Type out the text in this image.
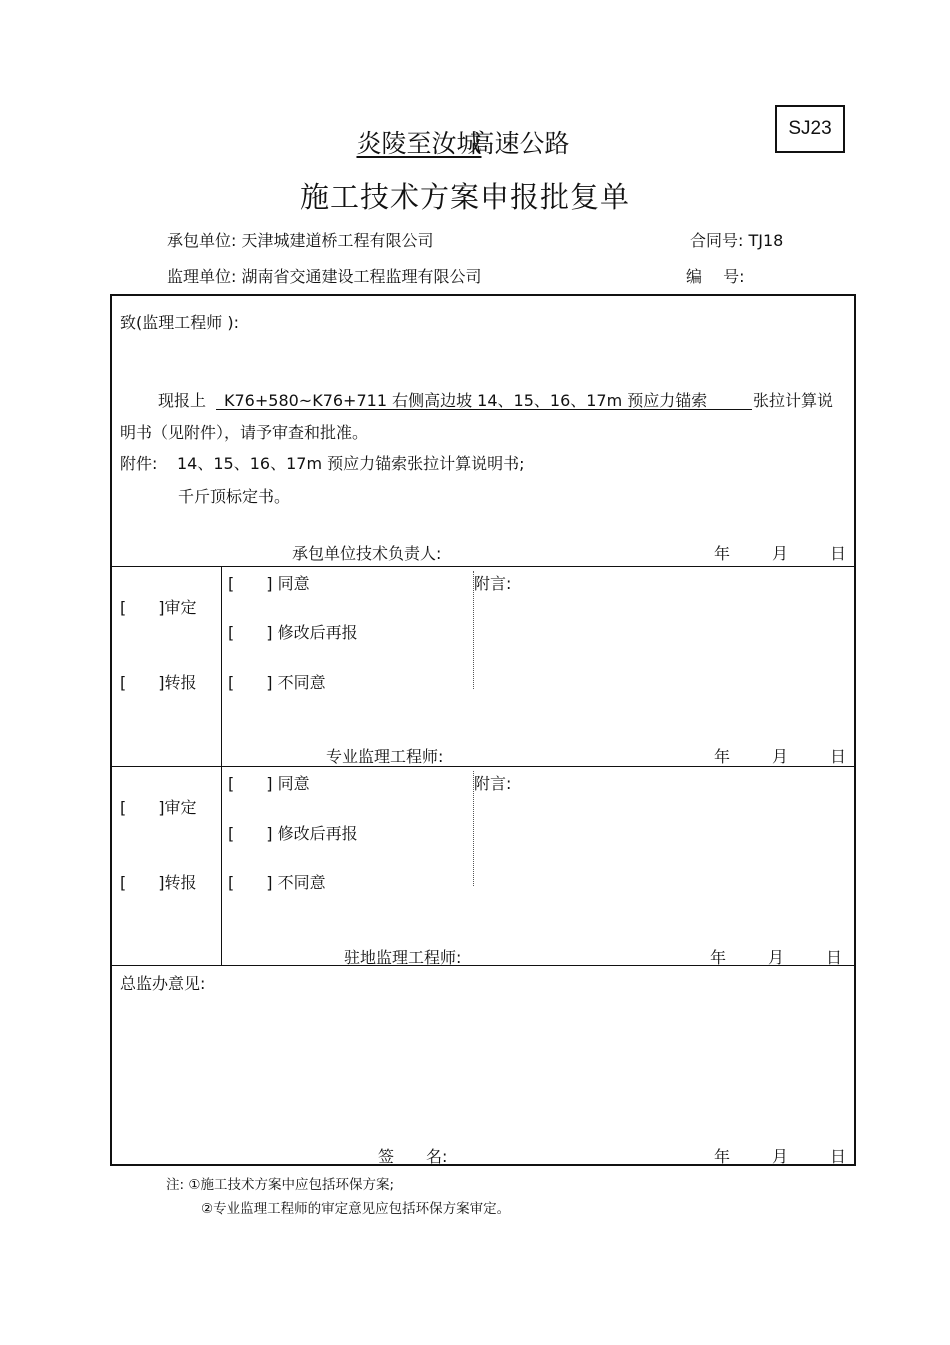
SJ23
炎陵至汝城高速公路
施工技术方案申报批复单
承包单位: 天津城建道桥工程有限公司	合同号: TJ18
监理单位: 湖南省交通建设工程监理有限公司	编　 号:
致(监理工程师 ):
现报上 K76+580~K76+711 右侧高边坡 14、15、16、17m 预应力锚索	张拉计算说
明书（见附件），请予审查和批准。
附件: 14、15、16、17m 预应力锚索张拉计算说明书;
千斤顶标定书。
承包单位技术负责人:	年	月	日
[　　]审定
[　　]转报
[　　] 同意
[　　] 修改后再报
[　　] 不同意
附言:
专业监理工程师:	年	月	日
[　　]审定
[　　]转报
[　　] 同意
[　　] 修改后再报
[　　] 不同意
附言:
驻地监理工程师:	年	月	日
总监办意见:
签　　名:	年	月	日
注: ①施工技术方案中应包括环保方案;
②专业监理工程师的审定意见应包括环保方案审定。
